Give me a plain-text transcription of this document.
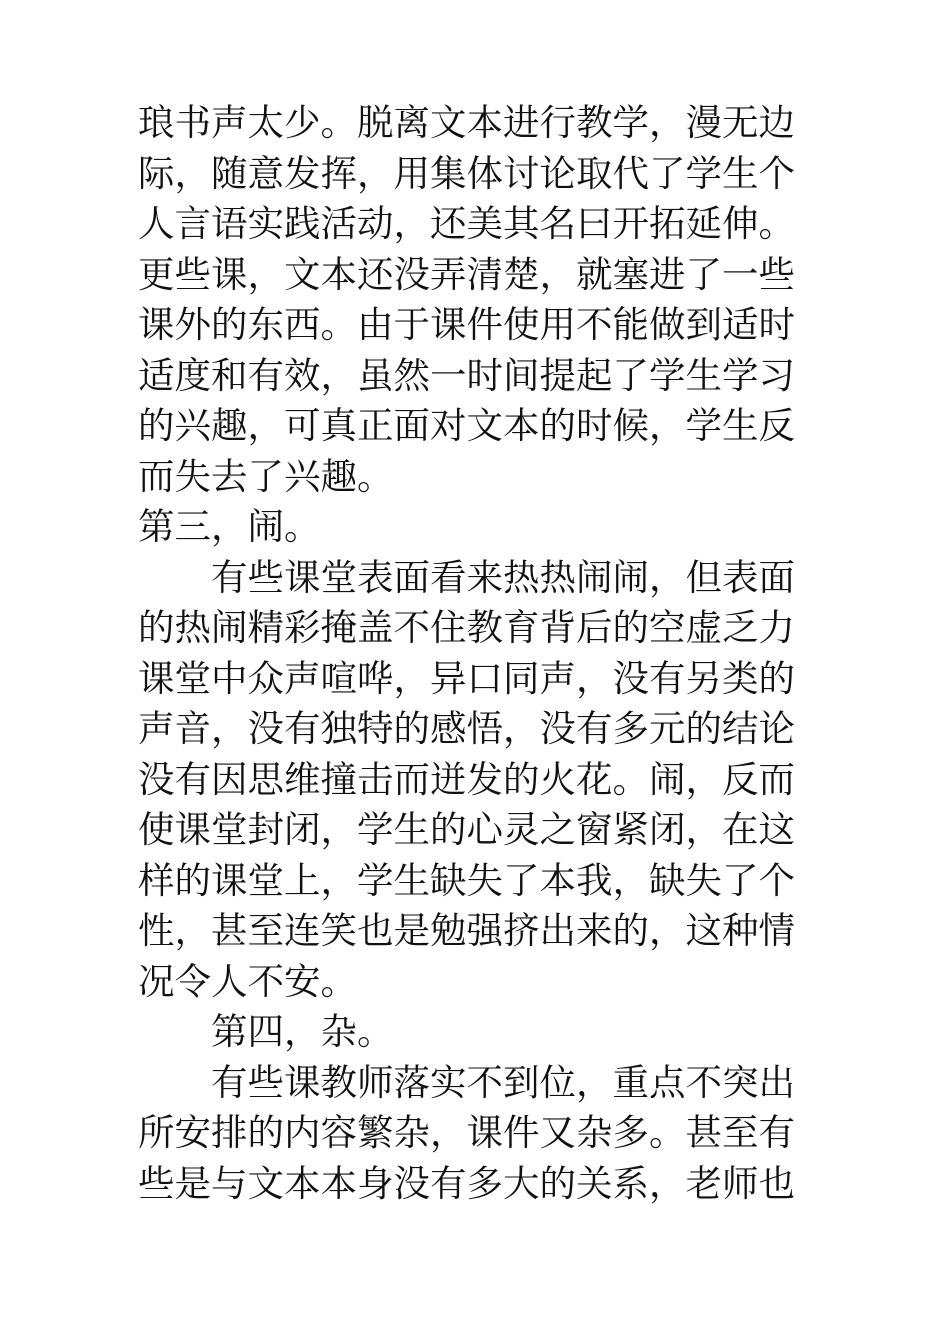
琅书声太少。脱离文本进行教学，漫无边
际，随意发挥，用集体讨论取代了学生个
人言语实践活动，还美其名曰开拓延伸。
更些课，文本还没弄清楚，就塞进了一些
课外的东西。由于课件使用不能做到适时
适度和有效，虽然一时间提起了学生学习
的兴趣，可真正面对文本的时候，学生反
而失去了兴趣。
第三，闹。
有些课堂表面看来热热闹闹，但表面
的热闹精彩掩盖不住教育背后的空虚乏力
课堂中众声喧哗，异口同声，没有另类的
声音，没有独特的感悟，没有多元的结论
没有因思维撞击而迸发的火花。闹，反而
使课堂封闭，学生的心灵之窗紧闭，在这
样的课堂上，学生缺失了本我，缺失了个
性，甚至连笑也是勉强挤出来的，这种情
况令人不安。
第四，杂。
有些课教师落实不到位，重点不突出
所安排的内容繁杂，课件又杂多。甚至有
些是与文本本身没有多大的关系，老师也
